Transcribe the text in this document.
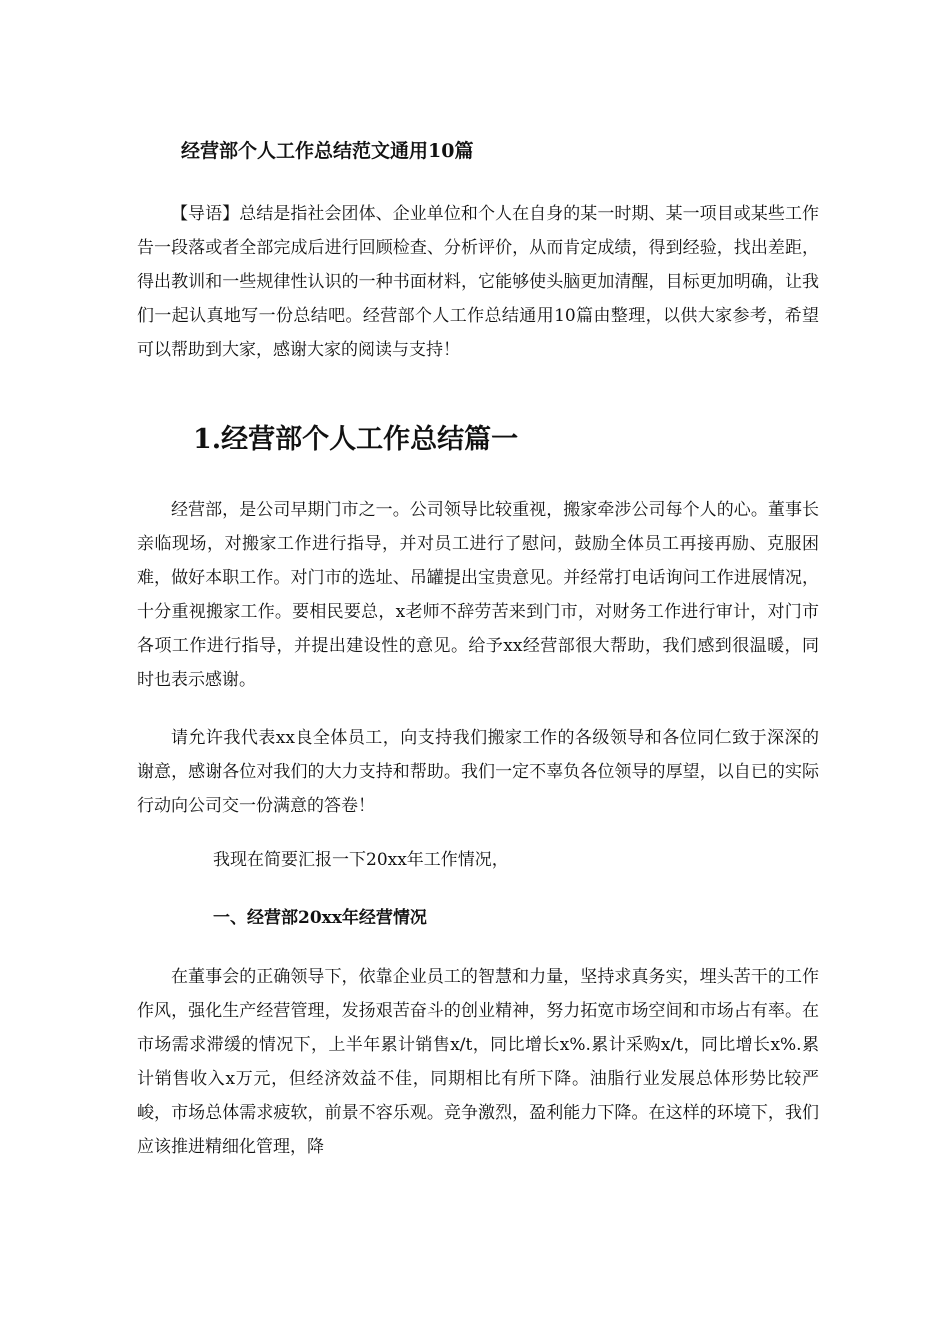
经营部个人工作总结范文通用10篇

【导语】总结是指社会团体、企业单位和个人在自身的某一时期、某一项目或某些工作告一段落或者全部完成后进行回顾检查、分析评价，从而肯定成绩，得到经验，找出差距，得出教训和一些规律性认识的一种书面材料，它能够使头脑更加清醒，目标更加明确，让我们一起认真地写一份总结吧。经营部个人工作总结通用10篇由整理，以供大家参考，希望可以帮助到大家，感谢大家的阅读与支持！

1.经营部个人工作总结篇一

经营部，是公司早期门市之一。公司领导比较重视，搬家牵涉公司每个人的心。董事长亲临现场，对搬家工作进行指导，并对员工进行了慰问，鼓励全体员工再接再励、克服困难，做好本职工作。对门市的选址、吊罐提出宝贵意见。并经常打电话询问工作进展情况，十分重视搬家工作。要相民要总，x老师不辞劳苦来到门市，对财务工作进行审计，对门市各项工作进行指导，并提出建设性的意见。给予xx经营部很大帮助，我们感到很温暖，同时也表示感谢。

请允许我代表xx良全体员工，向支持我们搬家工作的各级领导和各位同仁致于深深的谢意，感谢各位对我们的大力支持和帮助。我们一定不辜负各位领导的厚望，以自已的实际行动向公司交一份满意的答卷！

我现在简要汇报一下20xx年工作情况，
一、经营部20xx年经营情况

在董事会的正确领导下，依靠企业员工的智慧和力量，坚持求真务实，埋头苦干的工作作风，强化生产经营管理，发扬艰苦奋斗的创业精神，努力拓宽市场空间和市场占有率。在市场需求滞缓的情况下，上半年累计销售x/t，同比增长x%.累计采购x/t，同比增长x%.累计销售收入x万元，但经济效益不佳，同期相比有所下降。油脂行业发展总体形势比较严峻，市场总体需求疲软，前景不容乐观。竞争激烈，盈利能力下降。在这样的环境下，我们应该推进精细化管理，降
